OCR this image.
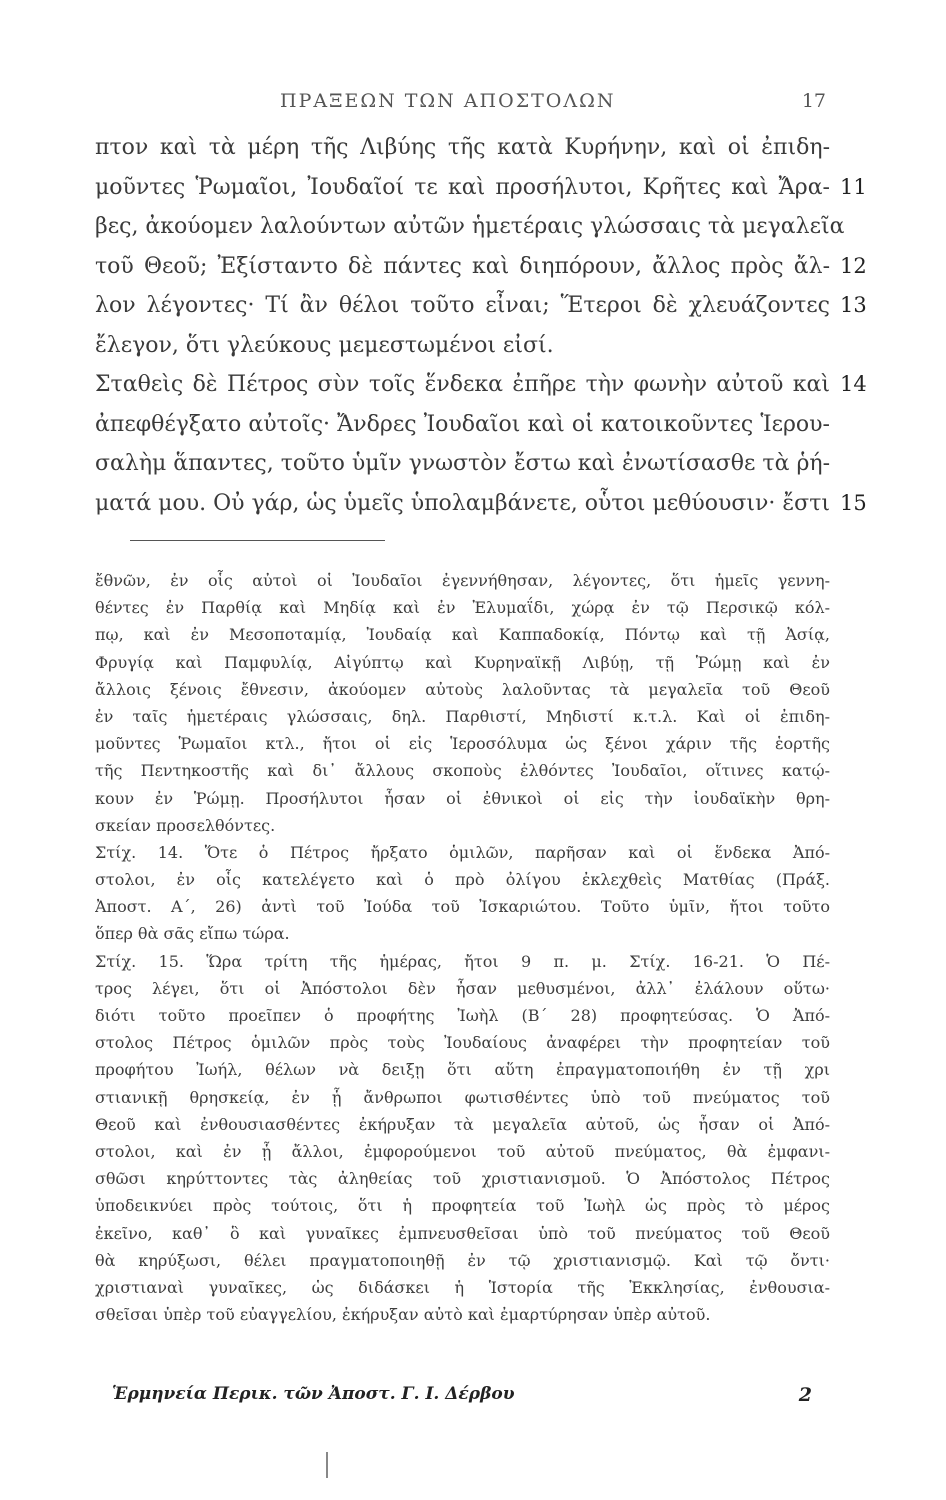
ΠΡΑΞΕΩΝ ΤΩΝ ΑΠΟΣΤΟΛΩΝ	17
πτον καὶ τὰ μέρη τῆς Λιβύης τῆς κατὰ Κυρήνην, καὶ οἱ ἐπιδη-
μοῦντες Ῥωμαῖοι, Ἰουδαῖοί τε καὶ προσήλυτοι, Κρῆτες καὶ Ἄρα- 11
βες, ἀκούομεν λαλούντων αὐτῶν ἡμετέραις γλώσσαις τὰ μεγαλεῖα
τοῦ Θεοῦ; Ἐξίσταντο δὲ πάντες καὶ διηπόρουν, ἄλλος πρὸς ἄλ- 12
λον λέγοντες· Τί ἂν θέλοι τοῦτο εἶναι; Ἕτεροι δὲ χλευάζοντες 13
ἔλεγον, ὅτι γλεύκους μεμεστωμένοι εἰσί.
Σταθεὶς δὲ Πέτρος σὺν τοῖς ἕνδεκα ἐπῆρε τὴν φωνὴν αὐτοῦ καὶ 14
ἀπεφθέγξατο αὐτοῖς· Ἄνδρες Ἰουδαῖοι καὶ οἱ κατοικοῦντες Ἱερου-
σαλὴμ ἅπαντες, τοῦτο ὑμῖν γνωστὸν ἔστω καὶ ἐνωτίσασθε τὰ ῥή-
ματά μου. Οὐ γάρ, ὡς ὑμεῖς ὑπολαμβάνετε, οὗτοι μεθύουσιν· ἔστι 15
ἔθνῶν, ἐν οἷς αὐτοὶ οἱ Ἰουδαῖοι ἐγεννήθησαν, λέγοντες, ὅτι ἡμεῖς γεννη-
θέντες ἐν Παρθίᾳ καὶ Μηδίᾳ καὶ ἐν Ἐλυμαΐδι, χώρᾳ ἐν τῷ Περσικῷ κόλ-
πῳ, καὶ ἐν Μεσοποταμίᾳ, Ἰουδαίᾳ καὶ Καππαδοκίᾳ, Πόντῳ καὶ τῇ Ἀσίᾳ,
Φρυγίᾳ καὶ Παμφυλίᾳ, Αἰγύπτῳ καὶ Κυρηναϊκῇ Λιβύῃ, τῇ Ῥώμῃ καὶ ἐν
ἄλλοις ξένοις ἔθνεσιν, ἀκούομεν αὐτοὺς λαλοῦντας τὰ μεγαλεῖα τοῦ Θεοῦ
ἐν ταῖς ἡμετέραις γλώσσαις, δηλ. Παρθιστί, Μηδιστί κ.τ.λ. Καὶ οἱ ἐπιδη-
μοῦντες Ῥωμαῖοι κτλ., ἤτοι οἱ εἰς Ἱεροσόλυμα ὡς ξένοι χάριν τῆς ἑορτῆς
τῆς Πεντηκοστῆς καὶ δι᾽ ἄλλους σκοποὺς ἐλθόντες Ἰουδαῖοι, οἵτινες κατῴ-
κουν ἐν Ῥώμῃ. Προσήλυτοι ἦσαν οἱ ἐθνικοὶ οἱ εἰς τὴν ἰουδαϊκὴν θρη-
σκείαν προσελθόντες.
Στίχ. 14. Ὅτε ὁ Πέτρος ἤρξατο ὁμιλῶν, παρῆσαν καὶ οἱ ἕνδεκα Ἀπό-
στολοι, ἐν οἷς κατελέγετο καὶ ὁ πρὸ ὀλίγου ἐκλεχθεὶς Ματθίας (Πράξ.
Ἀποστ. Α΄, 26) ἀντὶ τοῦ Ἰούδα τοῦ Ἰσκαριώτου. Τοῦτο ὑμῖν, ἤτοι τοῦτο
ὅπερ θὰ σᾶς εἴπω τώρα.
Στίχ. 15. Ὥρα τρίτη τῆς ἡμέρας, ἤτοι 9 π. μ. Στίχ. 16-21. Ὁ Πέ-
τρος λέγει, ὅτι οἱ Ἀπόστολοι δὲν ἦσαν μεθυσμένοι, ἀλλ᾽ ἐλάλουν οὕτω·
διότι τοῦτο προεῖπεν ὁ προφήτης Ἰωὴλ (Β΄ 28) προφητεύσας. Ὁ Ἀπό-
στολος Πέτρος ὁμιλῶν πρὸς τοὺς Ἰουδαίους ἀναφέρει τὴν προφητείαν τοῦ
προφήτου Ἰωήλ, θέλων νὰ δειξῃ ὅτι αὕτη ἐπραγματοποιήθη ἐν τῇ χρι
στιανικῇ θρησκείᾳ, ἐν ᾗ ἄνθρωποι φωτισθέντες ὑπὸ τοῦ πνεύματος τοῦ
Θεοῦ καὶ ἐνθουσιασθέντες ἐκήρυξαν τὰ μεγαλεῖα αὐτοῦ, ὡς ἦσαν οἱ Ἀπό-
στολοι, καὶ ἐν ᾗ ἄλλοι, ἐμφορούμενοι τοῦ αὐτοῦ πνεύματος, θὰ ἐμφανι-
σθῶσι κηρύττοντες τὰς ἀληθείας τοῦ χριστιανισμοῦ. Ὁ Ἀπόστολος Πέτρος
ὑποδεικνύει πρὸς τούτοις, ὅτι ἡ προφητεία τοῦ Ἰωὴλ ὡς πρὸς τὸ μέρος
ἐκεῖνο, καθ᾽ ὃ καὶ γυναῖκες ἐμπνευσθεῖσαι ὑπὸ τοῦ πνεύματος τοῦ Θεοῦ
θὰ κηρύξωσι, θέλει πραγματοποιηθῇ ἐν τῷ χριστιανισμῷ. Καὶ τῷ ὄντι·
χριστιαναὶ γυναῖκες, ὡς διδάσκει ἡ Ἱστορία τῆς Ἐκκλησίας, ἐνθουσια-
σθεῖσαι ὑπὲρ τοῦ εὐαγγελίου, ἐκήρυξαν αὐτὸ καὶ ἐμαρτύρησαν ὑπὲρ αὐτοῦ.
Ἑρμηνεία Περικ. τῶν Ἀποστ. Γ. Ι. Δέρβου	2
